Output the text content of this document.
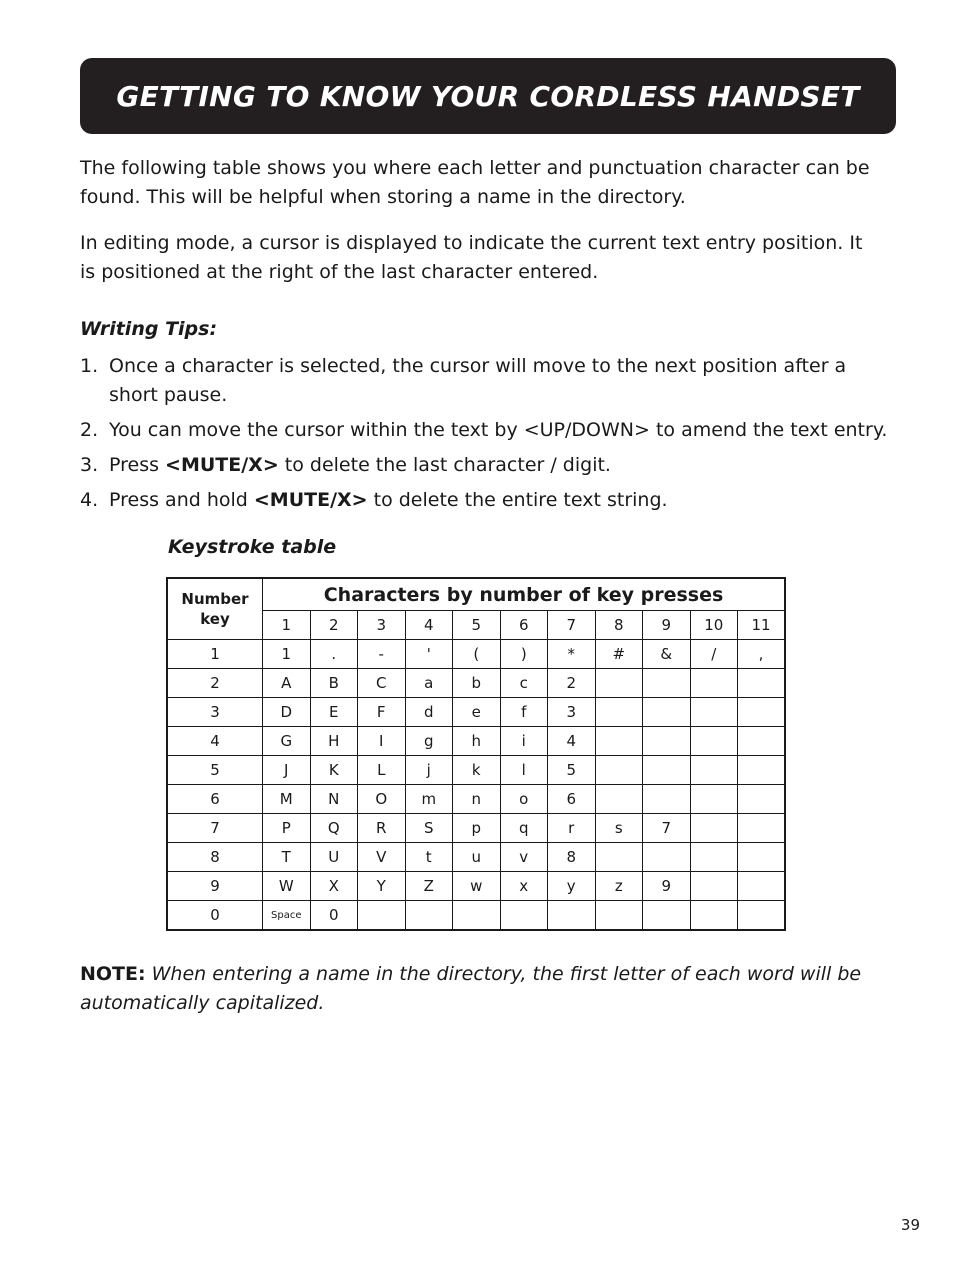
GETTING TO KNOW YOUR CORDLESS HANDSET

The following table shows you where each letter and punctuation character can be found. This will be helpful when storing a name in the directory.

In editing mode, a cursor is displayed to indicate the current text entry position. It is positioned at the right of the last character entered.

Writing Tips:

1. Once a character is selected, the cursor will move to the next position after a short pause.
2. You can move the cursor within the text by <UP/DOWN> to amend the text entry.
3. Press <MUTE/X> to delete the last character / digit.
4. Press and hold <MUTE/X> to delete the entire text string.

Keystroke table

Number key	Characters by number of key presses										
	1	2	3	4	5	6	7	8	9	10	11
1	1	.	-	'	(	)	*	#	&	/	,
2	A	B	C	a	b	c	2				
3	D	E	F	d	e	f	3				
4	G	H	I	g	h	i	4				
5	J	K	L	j	k	l	5				
6	M	N	O	m	n	o	6				
7	P	Q	R	S	p	q	r	s	7		
8	T	U	V	t	u	v	8				
9	W	X	Y	Z	w	x	y	z	9		
0	Space	0									

NOTE: When entering a name in the directory, the first letter of each word will be automatically capitalized.

39
